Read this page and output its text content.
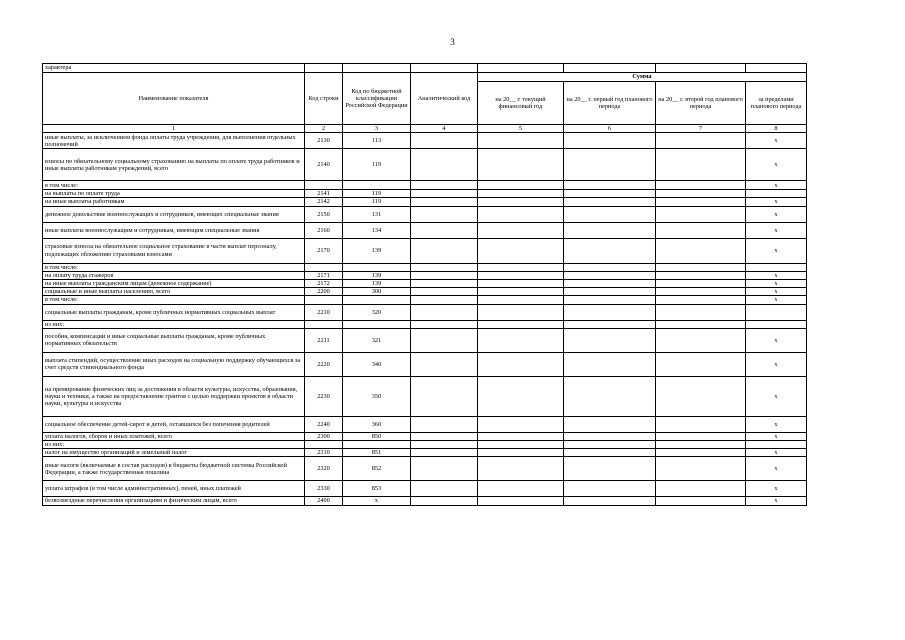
3
характера							
Наименование показателя	Код строки	Код по бюджетной классификации Российской Федерации	Аналитический код	Сумма			
				на 20__ г. текущий финансовый год	на 20__ г. первый год планового периода	на 20__ г. второй год планового периода	за пределами планового периода
1	2	3	4	5	6	7	8
иные выплаты, за исключением фонда оплаты труда учреждения, для выполнения отдельных полномочий	2130	113					x
взносы по обязательному социальному страхованию на выплаты по оплате труда работников и иные выплаты работникам учреждений, всего	2140	119					x
в том числе:							x
на выплаты по оплате труда	2141	119					
на иные выплаты работникам	2142	119					x
денежное довольствие военнослужащих и сотрудников, имеющих специальные звания	2150	131					x
иные выплаты военнослужащим и сотрудникам, имеющим специальные звания	2160	134					x
страховые взносы на обязательное социальное страхование в части выплат персоналу, подлежащих обложению страховыми взносами	2170	139					x
в том числе:							
на оплату труда стажеров	2171	139					x
на иные выплаты гражданским лицам (денежное содержание)	2172	139					x
социальные и иные выплаты населению, всего	2200	300					x
в том числе:							x
социальные выплаты гражданам, кроме публичных нормативных социальных выплат	2210	320					
из них:							
пособия, компенсации и иные социальные выплаты гражданам, кроме публичных нормативных обязательств	2211	321					x
выплата стипендий, осуществление иных расходов на социальную поддержку обучающихся за счет средств стипендиального фонда	2220	340					x
на премирование физических лиц за достижения в области культуры, искусства, образования, науки и техники, а также на предоставление грантов с целью поддержки проектов в области науки, культуры и искусства	2230	350					x
социальное обеспечение детей-сирот и детей, оставшихся без попечения родителей	2240	360					x
уплата налогов, сборов и иных платежей, всего	2300	850					x
из них:							
налог на имущество организаций и земельный налог	2310	851					x
иные налоги (включаемые в состав расходов) в бюджеты бюджетной системы Российской Федерации, а также государственная пошлина	2320	852					x
уплата штрафов (в том числе административных), пеней, иных платежей	2330	853					x
безвозмездные перечисления организациям и физическим лицам, всего	2400	x					x
